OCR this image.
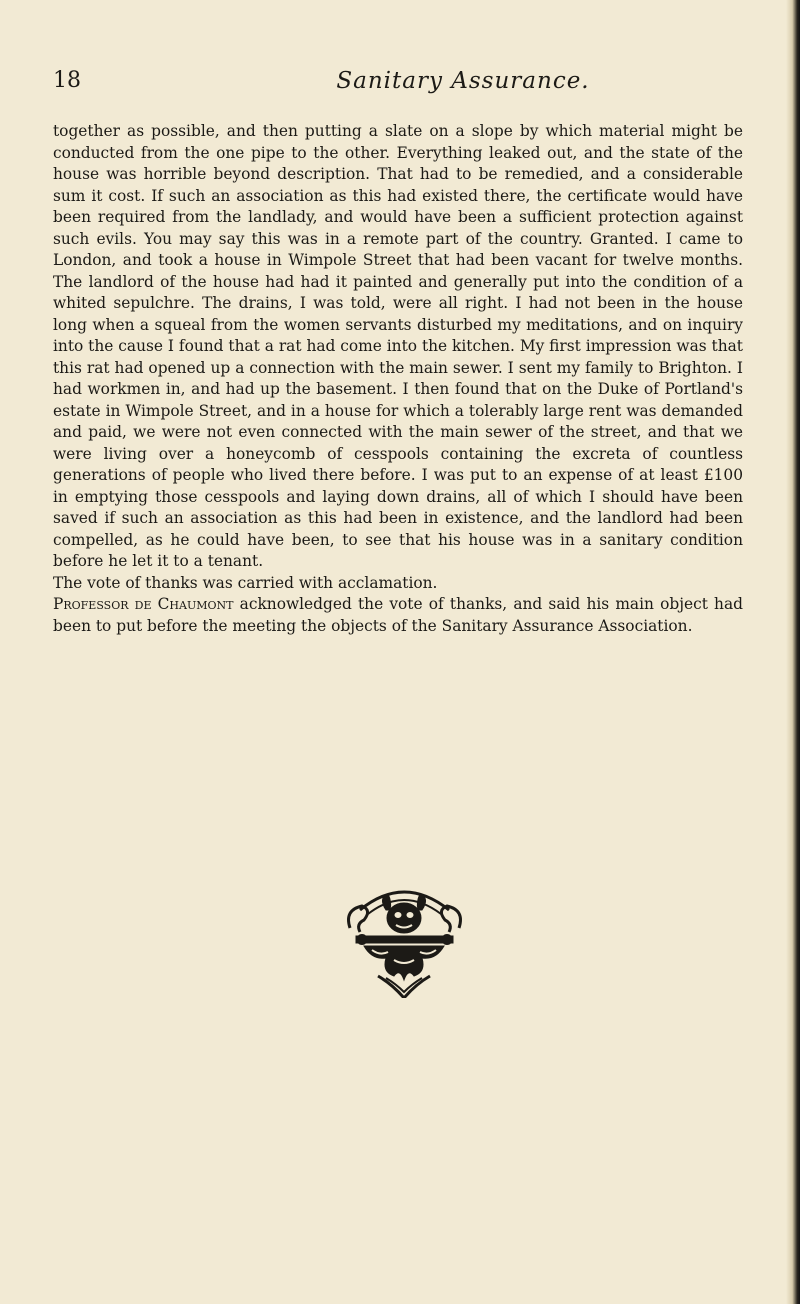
18	Sanitary Assurance.

together as possible, and then putting a slate on a slope by which material might be conducted from the one pipe to the other. Everything leaked out, and the state of the house was horrible beyond description. That had to be remedied, and a considerable sum it cost. If such an association as this had existed there, the certificate would have been required from the landlady, and would have been a sufficient protection against such evils. You may say this was in a remote part of the country. Granted. I came to London, and took a house in Wimpole Street that had been vacant for twelve months. The landlord of the house had had it painted and generally put into the condition of a whited sepulchre. The drains, I was told, were all right. I had not been in the house long when a squeal from the women servants disturbed my meditations, and on inquiry into the cause I found that a rat had come into the kitchen. My first impression was that this rat had opened up a connection with the main sewer. I sent my family to Brighton. I had workmen in, and had up the basement. I then found that on the Duke of Portland's estate in Wimpole Street, and in a house for which a tolerably large rent was demanded and paid, we were not even connected with the main sewer of the street, and that we were living over a honeycomb of cesspools containing the excreta of countless generations of people who lived there before. I was put to an expense of at least £100 in emptying those cesspools and laying down drains, all of which I should have been saved if such an association as this had been in existence, and the landlord had been compelled, as he could have been, to see that his house was in a sanitary condition before he let it to a tenant.

The vote of thanks was carried with acclamation.

Professor de Chaumont acknowledged the vote of thanks, and said his main object had been to put before the meeting the objects of the Sanitary Assurance Association.
